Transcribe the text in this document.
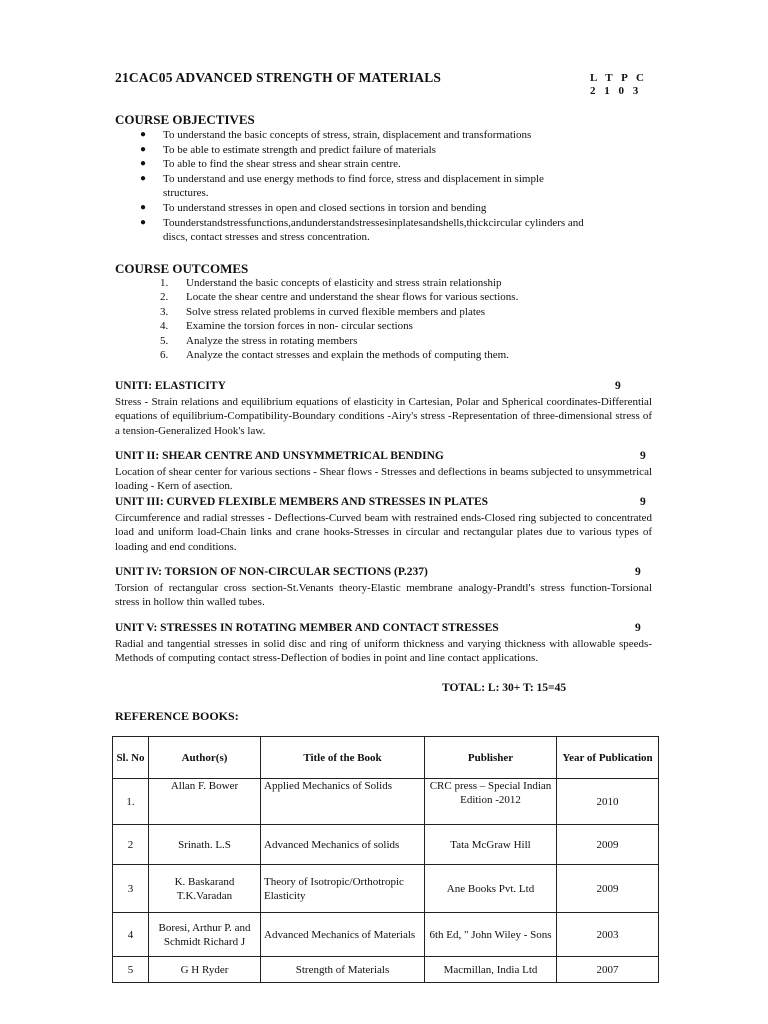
21CAC05 ADVANCED STRENGTH OF MATERIALS	L T P C
2 1 0 3
COURSE OBJECTIVES
● To understand the basic concepts of stress, strain, displacement and transformations
● To be able to estimate strength and predict failure of materials
● To able to find the shear stress and shear strain centre.
● To understand and use energy methods to find force, stress and displacement in simple structures.
● To understand stresses in open and closed sections in torsion and bending
● Tounderstandstressfunctions,andunderstandstressesinplatesandshells,thickcircular cylinders and discs, contact stresses and stress concentration.
COURSE OUTCOMES
1. Understand the basic concepts of elasticity and stress strain relationship
2. Locate the shear centre and understand the shear flows for various sections.
3. Solve stress related problems in curved flexible members and plates
4. Examine the torsion forces in non- circular sections
5. Analyze the stress in rotating members
6. Analyze the contact stresses and explain the methods of computing them.
UNITI: ELASTICITY	9
Stress - Strain relations and equilibrium equations of elasticity in Cartesian, Polar and Spherical coordinates-Differential equations of equilibrium-Compatibility-Boundary conditions -Airy's stress -Representation of three-dimensional stress of a tension-Generalized Hook's law.
UNIT II: SHEAR CENTRE AND UNSYMMETRICAL BENDING	9
Location of shear center for various sections - Shear flows - Stresses and deflections in beams subjected to unsymmetrical loading - Kern of asection.
UNIT III: CURVED FLEXIBLE MEMBERS AND STRESSES IN PLATES	9
Circumference and radial stresses - Deflections-Curved beam with restrained ends-Closed ring subjected to concentrated load and uniform load-Chain links and crane hooks-Stresses in circular and rectangular plates due to various types of loading and end conditions.
UNIT IV: TORSION OF NON-CIRCULAR SECTIONS (P.237)	9
Torsion of rectangular cross section-St.Venants theory-Elastic membrane analogy-Prandtl's stress function-Torsional stress in hollow thin walled tubes.
UNIT V: STRESSES IN ROTATING MEMBER AND CONTACT STRESSES	9
Radial and tangential stresses in solid disc and ring of uniform thickness and varying thickness with allowable speeds-Methods of computing contact stress-Deflection of bodies in point and line contact applications.
TOTAL: L: 30+ T: 15=45
REFERENCE BOOKS:
Sl. No	Author(s)	Title of the Book	Publisher	Year of Publication
1.	Allan F. Bower	Applied Mechanics of Solids	CRC press – Special Indian Edition -2012	2010
2	Srinath. L.S	Advanced Mechanics of solids	Tata McGraw Hill	2009
3	K. Baskarand T.K.Varadan	Theory of Isotropic/Orthotropic Elasticity	Ane Books Pvt. Ltd	2009
4	Boresi, Arthur P. and Schmidt Richard J	Advanced Mechanics of Materials	6th Ed, " John Wiley - Sons	2003
5	G H Ryder	Strength of Materials	Macmillan, India Ltd	2007
